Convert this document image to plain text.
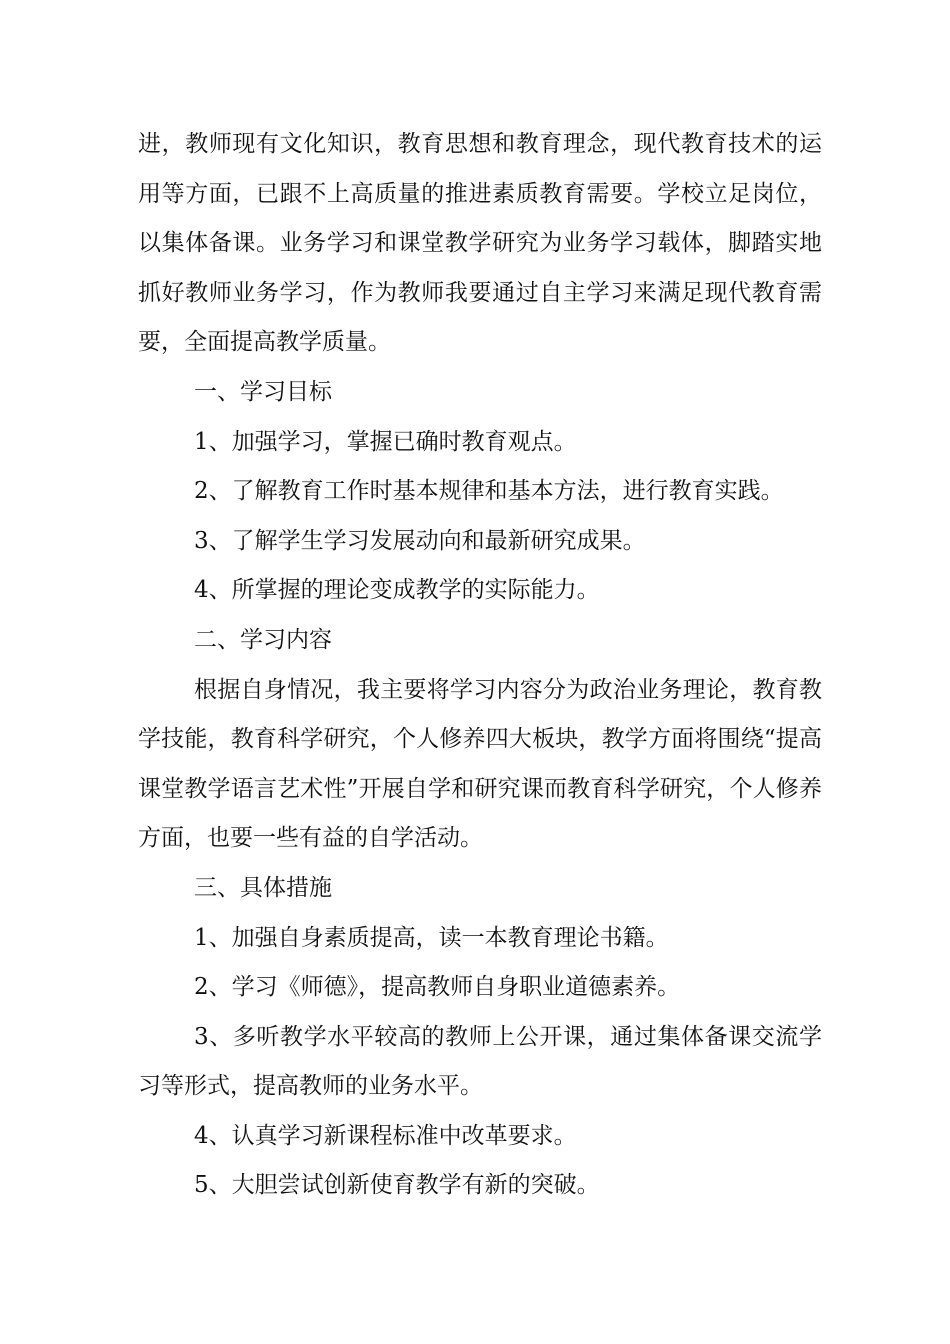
进，教师现有文化知识，教育思想和教育理念，现代教育技术的运用等方面，已跟不上高质量的推进素质教育需要。学校立足岗位，以集体备课。业务学习和课堂教学研究为业务学习载体，脚踏实地抓好教师业务学习，作为教师我要通过自主学习来满足现代教育需要，全面提高教学质量。

一、学习目标

1、加强学习，掌握已确时教育观点。

2、了解教育工作时基本规律和基本方法，进行教育实践。

3、了解学生学习发展动向和最新研究成果。

4、所掌握的理论变成教学的实际能力。

二、学习内容

根据自身情况，我主要将学习内容分为政治业务理论，教育教学技能，教育科学研究，个人修养四大板块，教学方面将围绕“提高课堂教学语言艺术性”开展自学和研究课而教育科学研究，个人修养方面，也要一些有益的自学活动。

三、具体措施

1、加强自身素质提高，读一本教育理论书籍。

2、学习《师德》，提高教师自身职业道德素养。

3、多听教学水平较高的教师上公开课，通过集体备课交流学习等形式，提高教师的业务水平。

4、认真学习新课程标准中改革要求。

5、大胆尝试创新使育教学有新的突破。
